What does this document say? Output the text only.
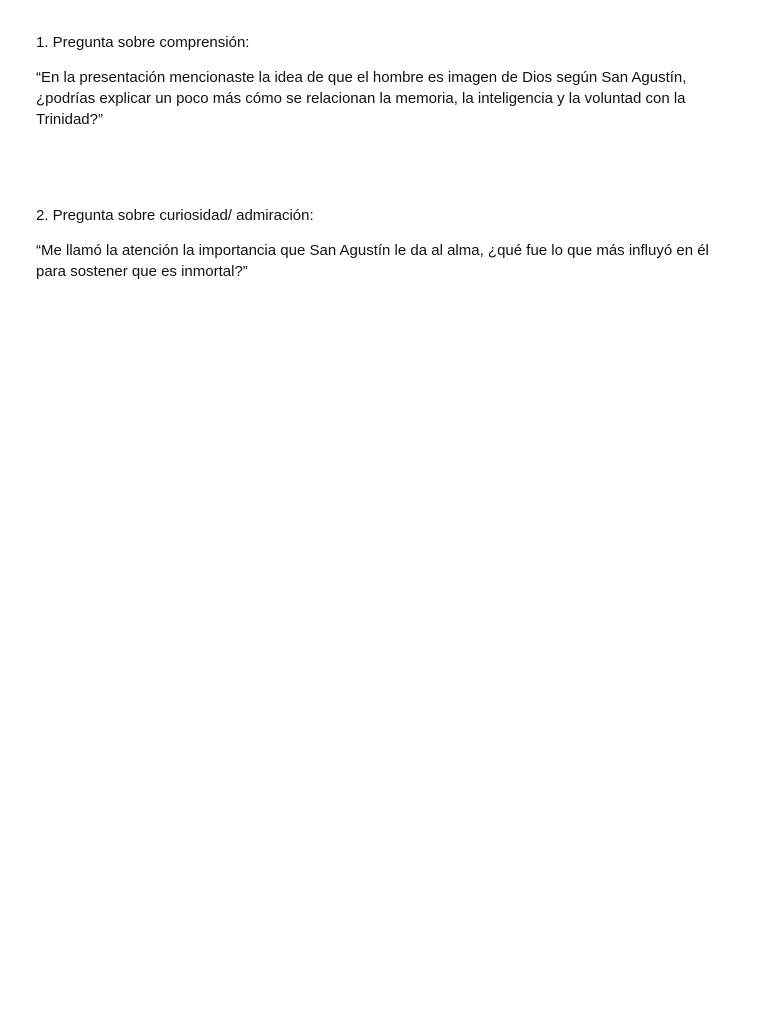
1. Pregunta sobre comprensión:

“En la presentación mencionaste la idea de que el hombre es imagen de Dios según San Agustín, ¿podrías explicar un poco más cómo se relacionan la memoria, la inteligencia y la voluntad con la Trinidad?”

2. Pregunta sobre curiosidad/ admiración:

“Me llamó la atención la importancia que San Agustín le da al alma, ¿qué fue lo que más influyó en él para sostener que es inmortal?”
